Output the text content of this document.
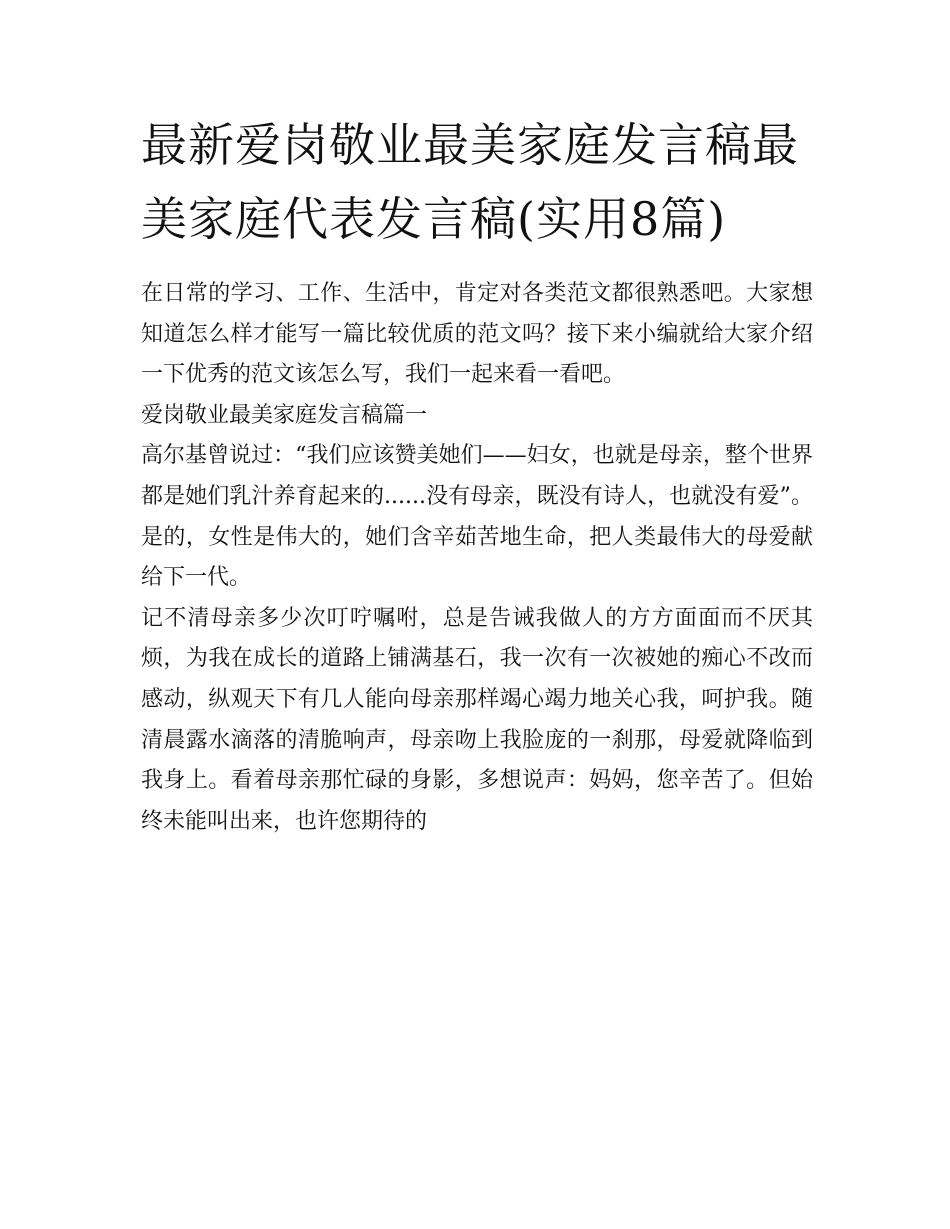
最新爱岗敬业最美家庭发言稿最美家庭代表发言稿(实用8篇)

在日常的学习、工作、生活中，肯定对各类范文都很熟悉吧。大家想知道怎么样才能写一篇比较优质的范文吗？接下来小编就给大家介绍一下优秀的范文该怎么写，我们一起来看一看吧。

爱岗敬业最美家庭发言稿篇一

高尔基曾说过：“我们应该赞美她们——妇女，也就是母亲，整个世界都是她们乳汁养育起来的......没有母亲，既没有诗人，也就没有爱”。是的，女性是伟大的，她们含辛茹苦地生命，把人类最伟大的母爱献给下一代。

记不清母亲多少次叮咛嘱咐，总是告诫我做人的方方面面而不厌其烦，为我在成长的道路上铺满基石，我一次有一次被她的痴心不改而感动，纵观天下有几人能向母亲那样竭心竭力地关心我，呵护我。随清晨露水滴落的清脆响声，母亲吻上我脸庞的一刹那，母爱就降临到我身上。看着母亲那忙碌的身影，多想说声：妈妈，您辛苦了。但始终未能叫出来，也许您期待的
